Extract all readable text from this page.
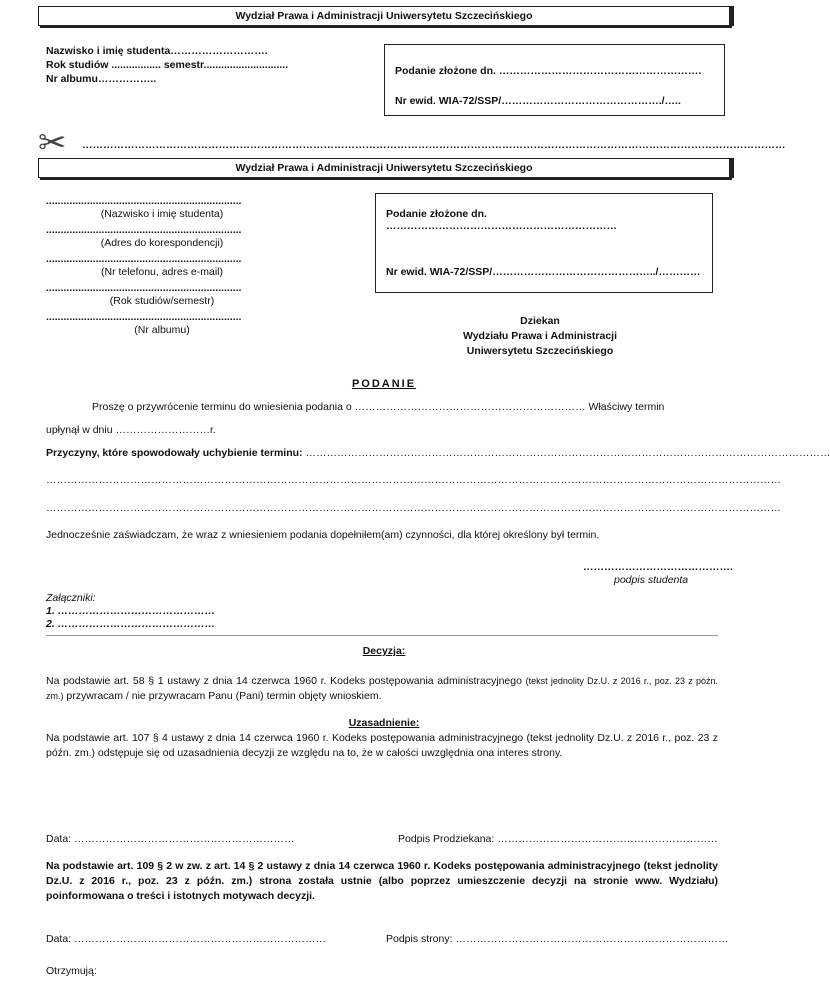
Wydział Prawa i Administracji Uniwersytetu Szczecińskiego
Nazwisko i imię studenta……………………….
Rok studiów ................. semestr.............................
Nr albumu……………..
Podanie złożone dn. ………………………………………………….
Nr ewid. WIA-72/SSP/………………………………………./…..
✂ …………………………………………………………………………………………………………………………………………………………………………………
Wydział Prawa i Administracji Uniwersytetu Szczecińskiego
...................................................................
(Nazwisko i imię studenta)
...................................................................
(Adres do korespondencji)
...................................................................
(Nr telefonu, adres e-mail)
...................................................................
(Rok studiów/semestr)
...................................................................
(Nr albumu)
Podanie złożone dn. …………………………………………………………
Nr ewid. WIA-72/SSP/………………………………………../…………
Dziekan
Wydziału Prawa i Administracji
Uniwersytetu Szczecińskiego
PODANIE
Proszę o przywrócenie terminu do wniesienia podania o ………………………………………………………… Właściwy termin
upłynął w dniu ………………………r.
Przyczyny, które spowodowały uchybienie terminu: ……………………………………………………………………………………………………………………………………
…………………………………………………………………………………………………………………………………………………………………………………………
…………………………………………………………………………………………………………………………………………………………………………………………
Jednocześnie zaświadczam, że wraz z wniesieniem podania dopełniłem(am) czynności, dla której określony był termin.
…………………………………….
podpis studenta
Załączniki:
1. ………………………………………
2. ………………………………………
Decyzja:
Na podstawie art. 58 § 1 ustawy z dnia 14 czerwca 1960 r. Kodeks postępowania administracyjnego (tekst jednolity Dz.U. z 2016 r., poz. 23 z późn. zm.) przywracam / nie przywracam Panu (Pani) termin objęty wnioskiem.
Uzasadnienie:
Na podstawie art. 107 § 4 ustawy z dnia 14 czerwca 1960 r. Kodeks postępowania administracyjnego (tekst jednolity Dz.U. z 2016 r., poz. 23 z późn. zm.) odstępuje się od uzasadnienia decyzji ze względu na to, że w całości uwzględnia ona interes strony.
Data: ………………………………………………………	Podpis Prodziekana: ………………………………………………………
Na podstawie art. 109 § 2 w zw. z art. 14 § 2 ustawy z dnia 14 czerwca 1960 r. Kodeks postępowania administracyjnego (tekst jednolity Dz.U. z 2016 r., poz. 23 z późn. zm.) strona została ustnie (albo poprzez umieszczenie decyzji na stronie www. Wydziału) poinformowana o treści i istotnych motywach decyzji.
Data: ………………………………………………………………	Podpis strony: ……………………………………………………………………
Otrzymują:
